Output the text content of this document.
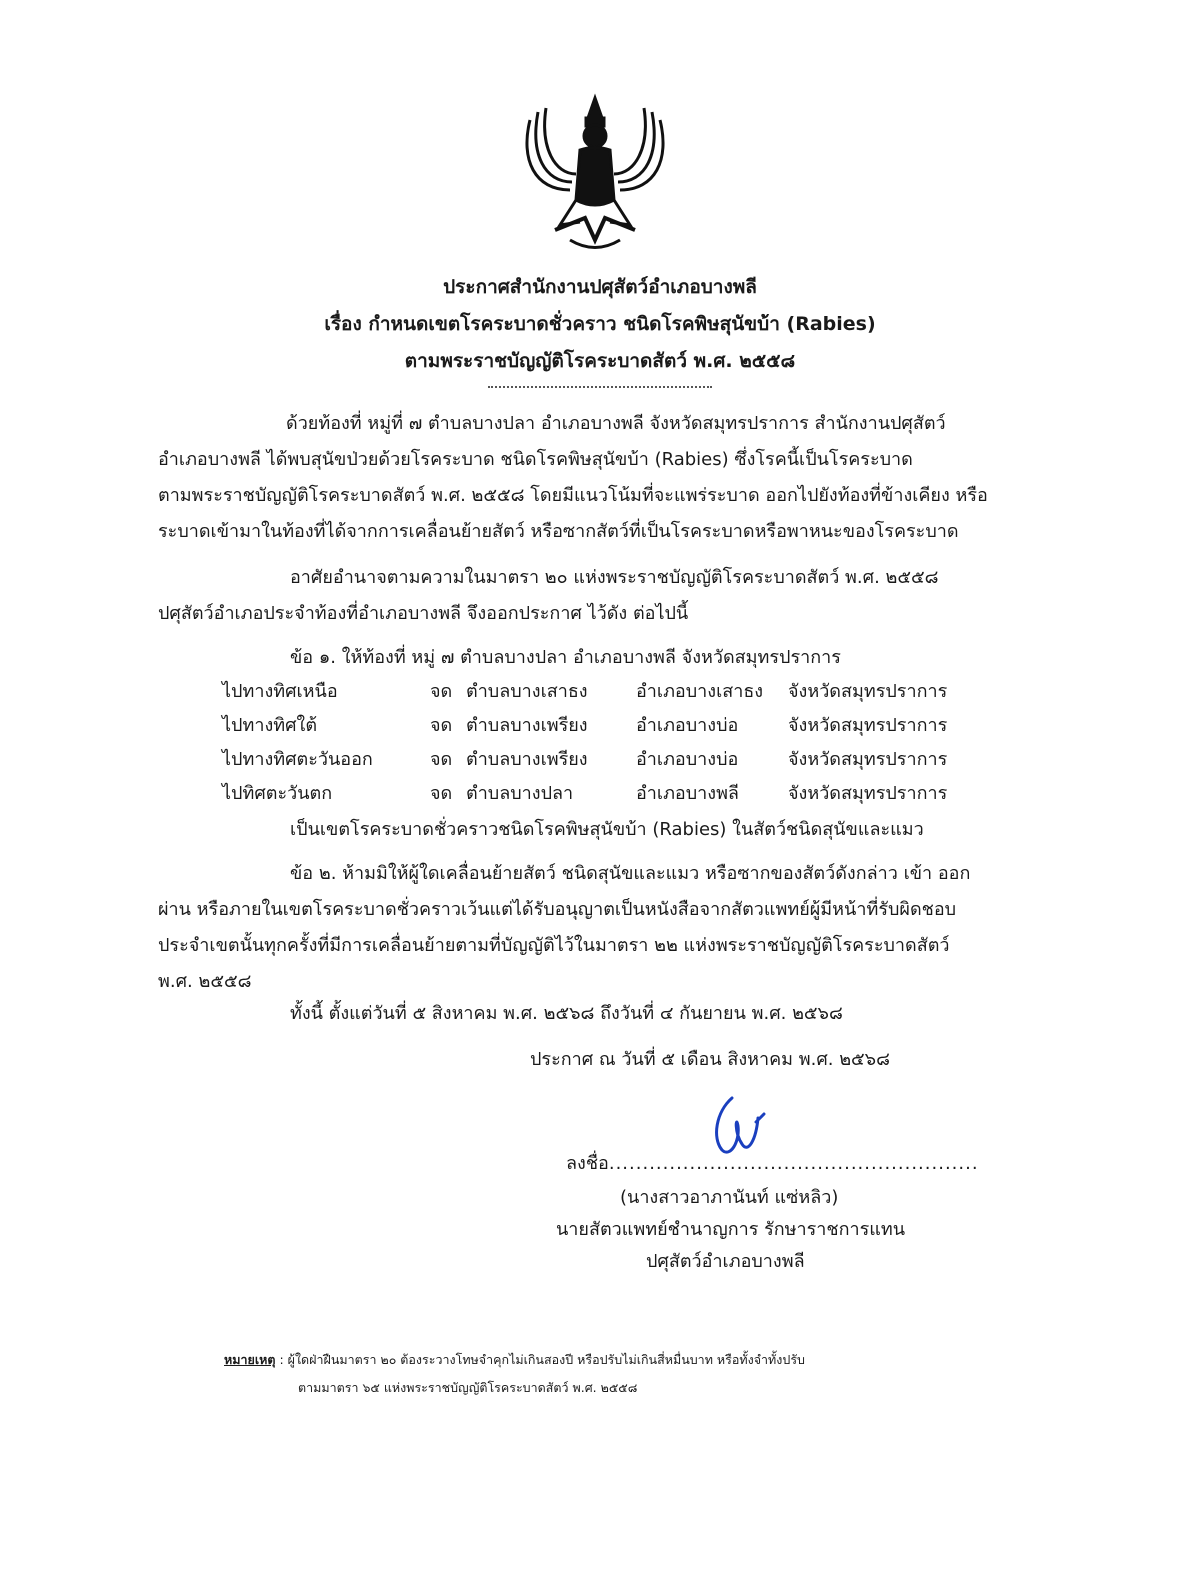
ประกาศสำนักงานปศุสัตว์อำเภอบางพลี
เรื่อง กำหนดเขตโรคระบาดชั่วคราว ชนิดโรคพิษสุนัขบ้า (Rabies)
ตามพระราชบัญญัติโรคระบาดสัตว์ พ.ศ. ๒๕๕๘
ด้วยท้องที่ หมู่ที่ ๗ ตำบลบางปลา อำเภอบางพลี จังหวัดสมุทรปราการ สำนักงานปศุสัตว์
อำเภอบางพลี ได้พบสุนัขป่วยด้วยโรคระบาด ชนิดโรคพิษสุนัขบ้า (Rabies) ซึ่งโรคนี้เป็นโรคระบาด
ตามพระราชบัญญัติโรคระบาดสัตว์ พ.ศ. ๒๕๕๘ โดยมีแนวโน้มที่จะแพร่ระบาด ออกไปยังท้องที่ข้างเคียง หรือ
ระบาดเข้ามาในท้องที่ได้จากการเคลื่อนย้ายสัตว์ หรือซากสัตว์ที่เป็นโรคระบาดหรือพาหนะของโรคระบาด
อาศัยอำนาจตามความในมาตรา ๒๐ แห่งพระราชบัญญัติโรคระบาดสัตว์ พ.ศ. ๒๕๕๘
ปศุสัตว์อำเภอประจำท้องที่อำเภอบางพลี จึงออกประกาศ ไว้ดัง ต่อไปนี้
ข้อ ๑. ให้ท้องที่ หมู่ ๗ ตำบลบางปลา อำเภอบางพลี จังหวัดสมุทรปราการ
ไปทางทิศเหนือ	จด ตำบลบางเสาธง	อำเภอบางเสาธง จังหวัดสมุทรปราการ
ไปทางทิศใต้	จด ตำบลบางเพรียง	อำเภอบางบ่อ	จังหวัดสมุทรปราการ
ไปทางทิศตะวันออก	จด ตำบลบางเพรียง	อำเภอบางบ่อ	จังหวัดสมุทรปราการ
ไปทิศตะวันตก	จด ตำบลบางปลา	อำเภอบางพลี	จังหวัดสมุทรปราการ
เป็นเขตโรคระบาดชั่วคราวชนิดโรคพิษสุนัขบ้า (Rabies) ในสัตว์ชนิดสุนัขและแมว
ข้อ ๒. ห้ามมิให้ผู้ใดเคลื่อนย้ายสัตว์ ชนิดสุนัขและแมว หรือซากของสัตว์ดังกล่าว เข้า ออก
ผ่าน หรือภายในเขตโรคระบาดชั่วคราวเว้นแต่ได้รับอนุญาตเป็นหนังสือจากสัตวแพทย์ผู้มีหน้าที่รับผิดชอบ
ประจำเขตนั้นทุกครั้งที่มีการเคลื่อนย้ายตามที่บัญญัติไว้ในมาตรา ๒๒ แห่งพระราชบัญญัติโรคระบาดสัตว์
พ.ศ. ๒๕๕๘
ทั้งนี้ ตั้งแต่วันที่ ๕ สิงหาคม พ.ศ. ๒๕๖๘ ถึงวันที่ ๔ กันยายน พ.ศ. ๒๕๖๘
ประกาศ ณ วันที่ ๕ เดือน สิงหาคม พ.ศ. ๒๕๖๘
ลงชื่อ.......................................................
(นางสาวอาภานันท์ แซ่หลิว)
นายสัตวแพทย์ชำนาญการ รักษาราชการแทน
ปศุสัตว์อำเภอบางพลี
หมายเหตุ : ผู้ใดฝ่าฝืนมาตรา ๒๐ ต้องระวางโทษจำคุกไม่เกินสองปี หรือปรับไม่เกินสี่หมื่นบาท หรือทั้งจำทั้งปรับ
ตามมาตรา ๖๕ แห่งพระราชบัญญัติโรคระบาดสัตว์ พ.ศ. ๒๕๕๘
